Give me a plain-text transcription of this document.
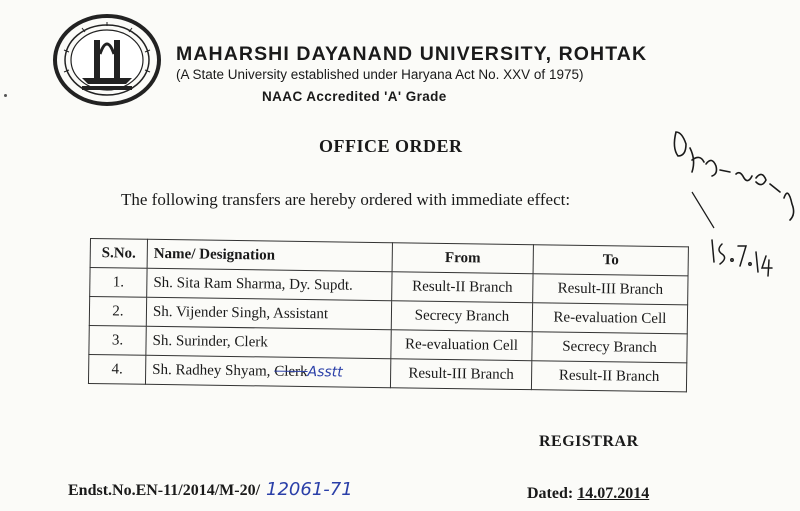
MAHARSHI DAYANAND UNIVERSITY, ROHTAK
(A State University established under Haryana Act No. XXV of 1975)
NAAC Accredited 'A' Grade
OFFICE ORDER
The following transfers are hereby ordered with immediate effect:
S.No.	Name/ Designation	From	To
1.	Sh. Sita Ram Sharma, Dy. Supdt.	Result-II Branch	Result-III Branch
2.	Sh. Vijender Singh, Assistant	Secrecy Branch	Re-evaluation Cell
3.	Sh. Surinder, Clerk	Re-evaluation Cell	Secrecy Branch
4.	Sh. Radhey Shyam, ClerkAsstt	Result-III Branch	Result-II Branch
REGISTRAR
Endst.No.EN-11/2014/M-20/ 12061-71	Dated: 14.07.2014
